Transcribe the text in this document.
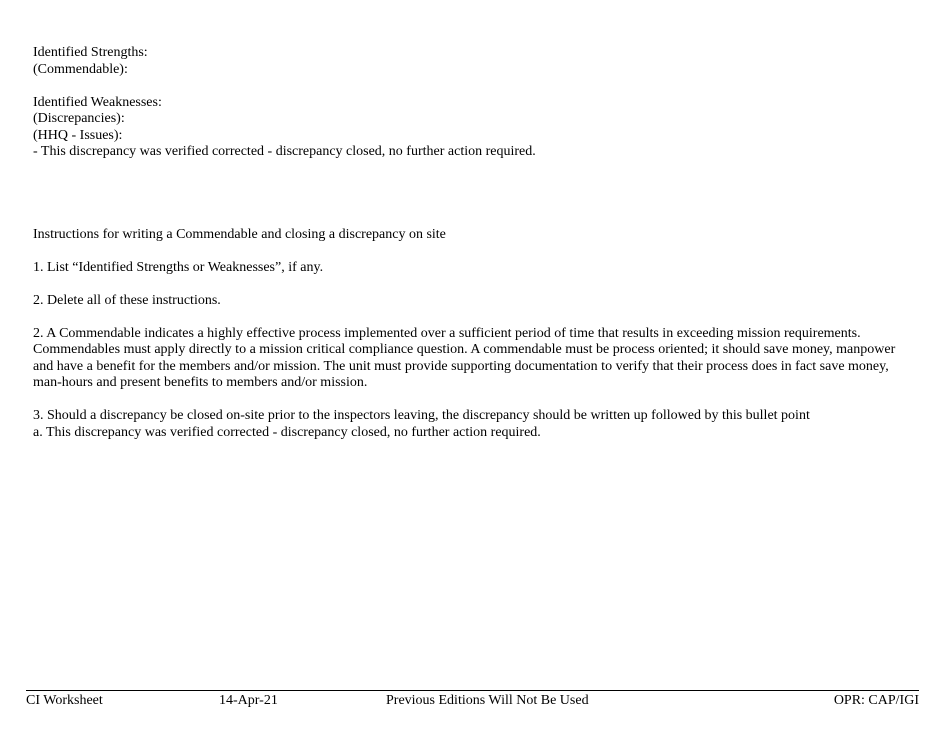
Identified Strengths:
(Commendable):
Identified Weaknesses:
(Discrepancies):
(HHQ - Issues):
- This discrepancy was verified corrected - discrepancy closed, no further action required.
Instructions for writing a Commendable and closing a discrepancy on site
1. List “Identified Strengths or Weaknesses”, if any.
2. Delete all of these instructions.
2. A Commendable indicates a highly effective process implemented over a sufficient period of time that results in exceeding mission requirements. Commendables must apply directly to a mission critical compliance question. A commendable must be process oriented; it should save money, manpower and have a benefit for the members and/or mission. The unit must provide supporting documentation to verify that their process does in fact save money, man-hours and present benefits to members and/or mission.
3. Should a discrepancy be closed on-site prior to the inspectors leaving, the discrepancy should be written up followed by this bullet point
a. This discrepancy was verified corrected - discrepancy closed, no further action required.
CI Worksheet	14-Apr-21	Previous Editions Will Not Be Used	OPR: CAP/IGI
